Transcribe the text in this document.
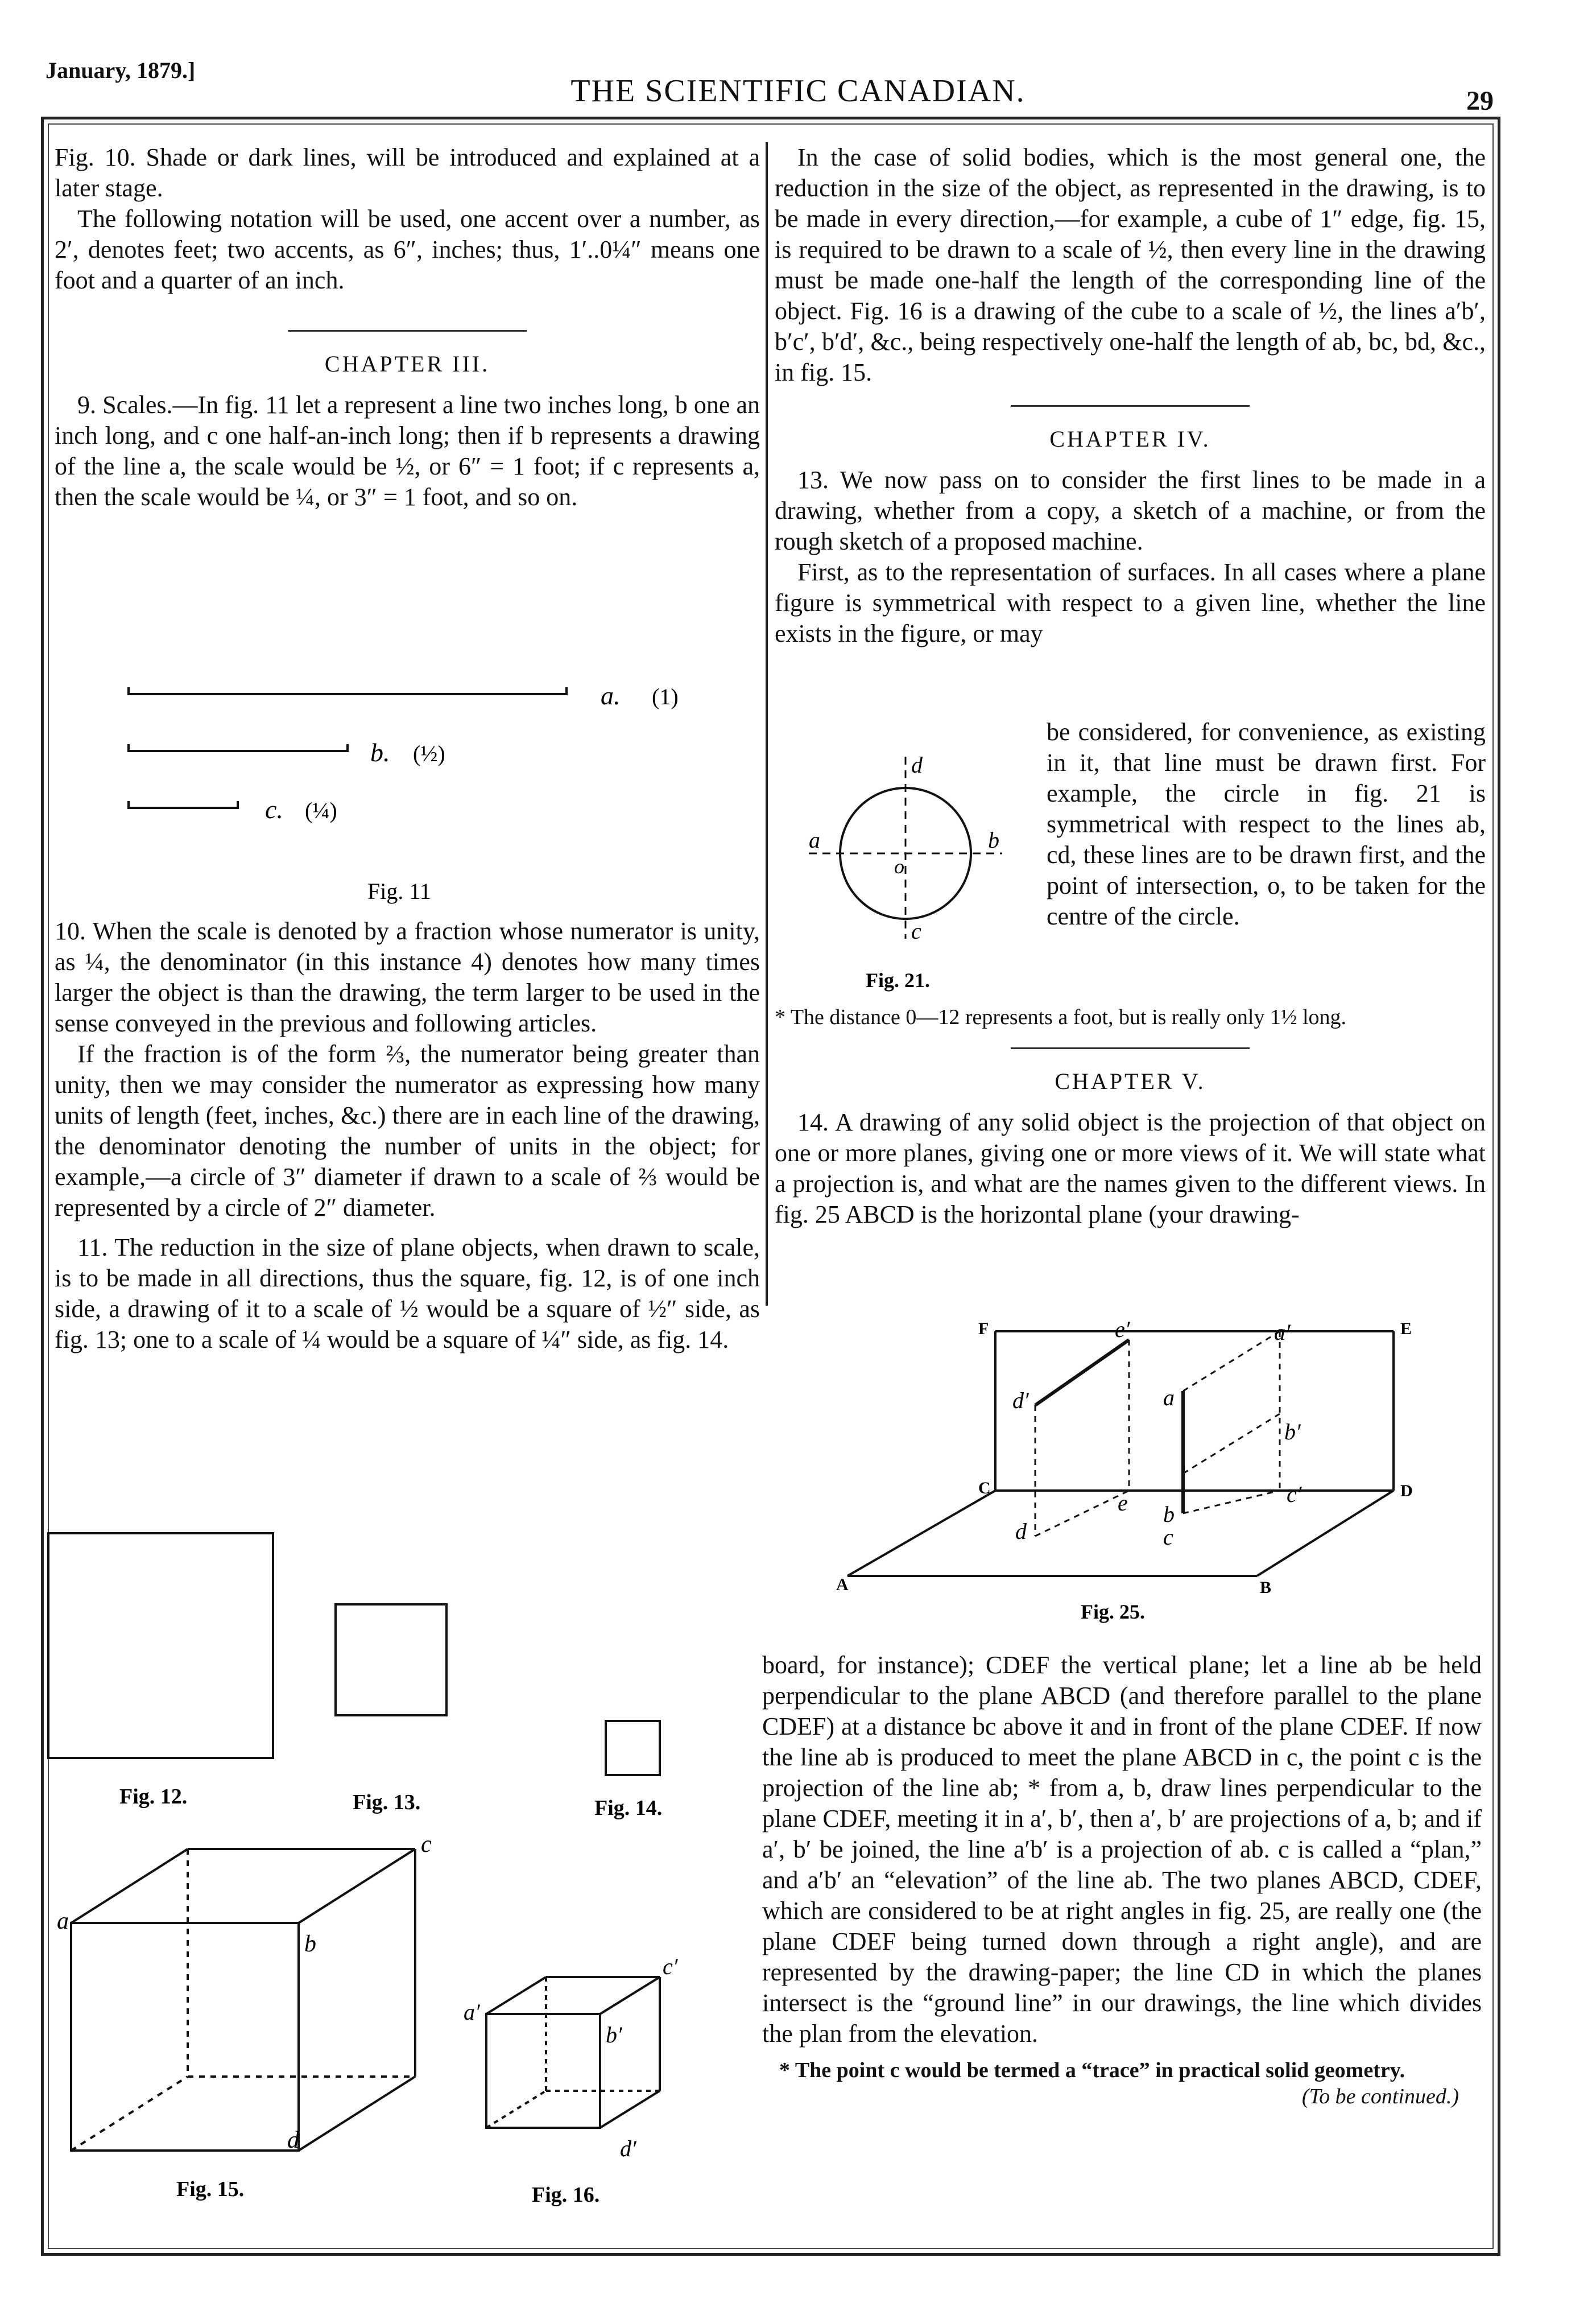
January, 1879.]
THE SCIENTIFIC CANADIAN.	29

Fig. 10. Shade or dark lines, will be introduced and explained at a later stage.

The following notation will be used, one accent over a number, as 2′, denotes feet; two accents, as 6″, inches; thus, 1′..0¼″ means one foot and a quarter of an inch.

CHAPTER III.

9. Scales.—In fig. 11 let a represent a line two inches long, b one an inch long, and c one half-an-inch long; then if b represents a drawing of the line a, the scale would be ½, or 6″ = 1 foot; if c represents a, then the scale would be ¼, or 3″ = 1 foot, and so on.

a. (1)
b. (½)
c. (¼)
Fig. 11

10. When the scale is denoted by a fraction whose numerator is unity, as ¼, the denominator (in this instance 4) denotes how many times larger the object is than the drawing, the term larger to be used in the sense conveyed in the previous and following articles.

If the fraction is of the form ⅔, the numerator being greater than unity, then we may consider the numerator as expressing how many units of length (feet, inches, &c.) there are in each line of the drawing, the denominator denoting the number of units in the object; for example,—a circle of 3″ diameter if drawn to a scale of ⅔ would be represented by a circle of 2″ diameter.

11. The reduction in the size of plane objects, when drawn to scale, is to be made in all directions, thus the square, fig. 12, is of one inch side, a drawing of it to a scale of ½ would be a square of ½″ side, as fig. 13; one to a scale of ¼ would be a square of ¼″ side, as fig. 14.

Fig. 12.	Fig. 13.	Fig. 14.
a
b
c
d
Fig. 15.
a′
b′
c′
d′
Fig. 16.

In the case of solid bodies, which is the most general one, the reduction in the size of the object, as represented in the drawing, is to be made in every direction,—for example, a cube of 1″ edge, fig. 15, is required to be drawn to a scale of ½, then every line in the drawing must be made one-half the length of the corresponding line of the object. Fig. 16 is a drawing of the cube to a scale of ½, the lines a′b′, b′c′, b′d′, &c., being respectively one-half the length of ab, bc, bd, &c., in fig. 15.

CHAPTER IV.

13. We now pass on to consider the first lines to be made in a drawing, whether from a copy, a sketch of a machine, or from the rough sketch of a proposed machine.

First, as to the representation of surfaces. In all cases where a plane figure is symmetrical with respect to a given line, whether the line exists in the figure, or may

a	b
c
d
o
Fig. 21.

be considered, for convenience, as existing in it, that line must be drawn first. For example, the circle in fig. 21 is symmetrical with respect to the lines ab, cd, these lines are to be drawn first, and the point of intersection, o, to be taken for the centre of the circle.

* The distance 0—12 represents a foot, but is really only 1½ long.

CHAPTER V.

14. A drawing of any solid object is the projection of that object on one or more planes, giving one or more views of it. We will state what a projection is, and what are the names given to the different views. In fig. 25 ABCD is the horizontal plane (your drawing-

F	E
C	D
A	B
e′	a′
d′	a
b′
c′
e b
d	c
Fig. 25.

board, for instance); CDEF the vertical plane; let a line ab be held perpendicular to the plane ABCD (and therefore parallel to the plane CDEF) at a distance bc above it and in front of the plane CDEF. If now the line ab is produced to meet the plane ABCD in c, the point c is the projection of the line ab; * from a, b, draw lines perpendicular to the plane CDEF, meeting it in a′, b′, then a′, b′ are projections of a, b; and if a′, b′ be joined, the line a′b′ is a projection of ab. c is called a “plan,” and a′b′ an “elevation” of the line ab. The two planes ABCD, CDEF, which are considered to be at right angles in fig. 25, are really one (the plane CDEF being turned down through a right angle), and are represented by the drawing-paper; the line CD in which the planes intersect is the “ground line” in our drawings, the line which divides the plan from the elevation.

* The point c would be termed a “trace” in practical solid geometry.

(To be continued.)
